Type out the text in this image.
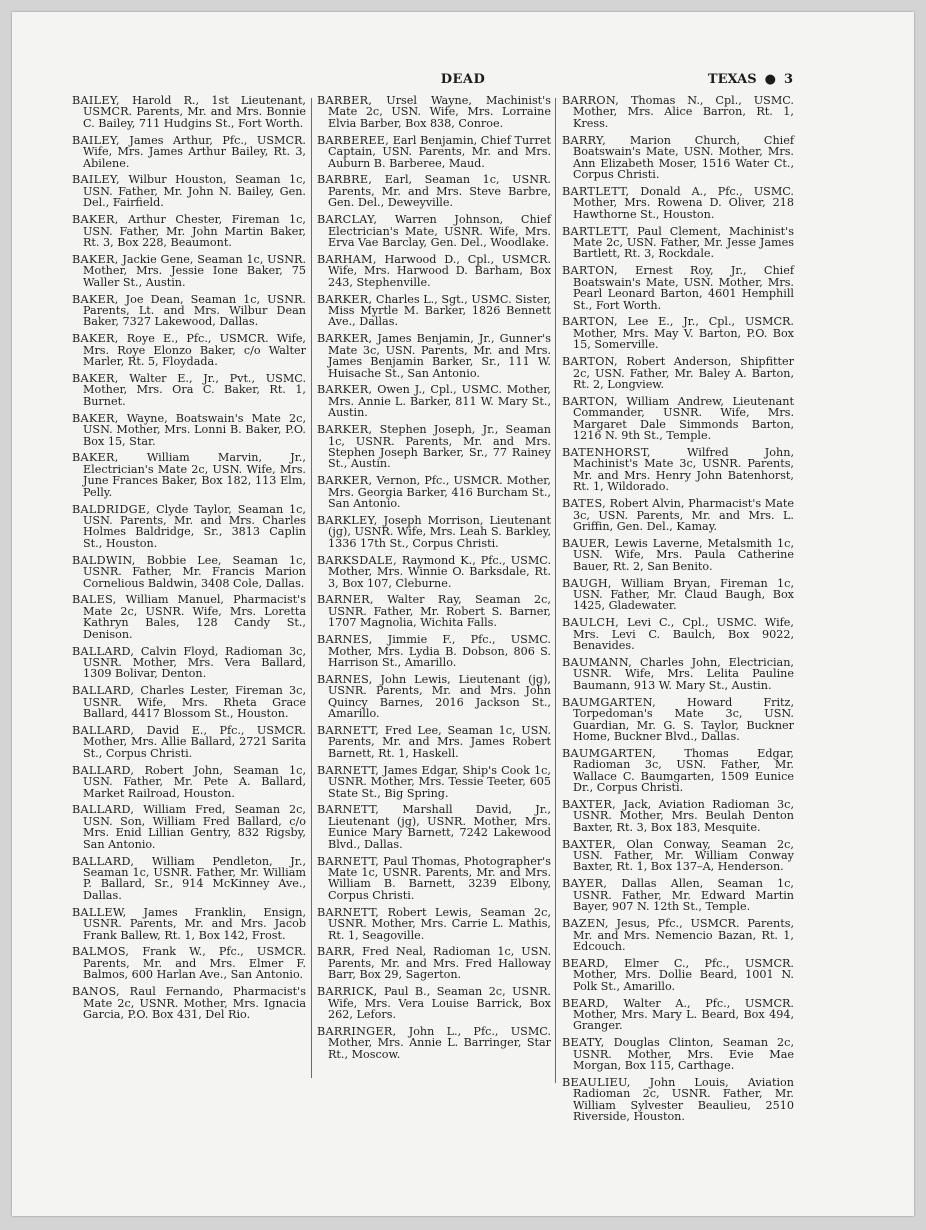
DEAD	TEXAS ● 3

BAILEY, Harold R., 1st Lieutenant, USMCR. Parents, Mr. and Mrs. Bonnie C. Bailey, 711 Hudgins St., Fort Worth.

BAILEY, James Arthur, Pfc., USMCR. Wife, Mrs. James Arthur Bailey, Rt. 3, Abilene.

BAILEY, Wilbur Houston, Seaman 1c, USN. Father, Mr. John N. Bailey, Gen. Del., Fairfield.

BAKER, Arthur Chester, Fireman 1c, USN. Father, Mr. John Martin Baker, Rt. 3, Box 228, Beaumont.

BAKER, Jackie Gene, Seaman 1c, USNR. Mother, Mrs. Jessie Ione Baker, 75 Waller St., Austin.

BAKER, Joe Dean, Seaman 1c, USNR. Parents, Lt. and Mrs. Wilbur Dean Baker, 7327 Lakewood, Dallas.

BAKER, Roye E., Pfc., USMCR. Wife, Mrs. Roye Elonzo Baker, c/o Walter Marler, Rt. 5, Floydada.

BAKER, Walter E., Jr., Pvt., USMC. Mother, Mrs. Ora C. Baker, Rt. 1, Burnet.

BAKER, Wayne, Boatswain's Mate 2c, USN. Mother, Mrs. Lonni B. Baker, P.O. Box 15, Star.

BAKER, William Marvin, Jr., Electrician's Mate 2c, USN. Wife, Mrs. June Frances Baker, Box 182, 113 Elm, Pelly.

BALDRIDGE, Clyde Taylor, Seaman 1c, USN. Parents, Mr. and Mrs. Charles Holmes Baldridge, Sr., 3813 Caplin St., Houston.

BALDWIN, Bobbie Lee, Seaman 1c, USNR. Father, Mr. Francis Marion Cornelious Baldwin, 3408 Cole, Dallas.

BALES, William Manuel, Pharmacist's Mate 2c, USNR. Wife, Mrs. Loretta Kathryn Bales, 128 Candy St., Denison.

BALLARD, Calvin Floyd, Radioman 3c, USNR. Mother, Mrs. Vera Ballard, 1309 Bolivar, Denton.

BALLARD, Charles Lester, Fireman 3c, USNR. Wife, Mrs. Rheta Grace Ballard, 4417 Blossom St., Houston.

BALLARD, David E., Pfc., USMCR. Mother, Mrs. Allie Ballard, 2721 Sarita St., Corpus Christi.

BALLARD, Robert John, Seaman 1c, USN. Father, Mr. Pete A. Ballard, Market Railroad, Houston.

BALLARD, William Fred, Seaman 2c, USN. Son, William Fred Ballard, c/o Mrs. Enid Lillian Gentry, 832 Rigsby, San Antonio.

BALLARD, William Pendleton, Jr., Seaman 1c, USNR. Father, Mr. William P. Ballard, Sr., 914 McKinney Ave., Dallas.

BALLEW, James Franklin, Ensign, USNR. Parents, Mr. and Mrs. Jacob Frank Ballew, Rt. 1, Box 142, Frost.

BALMOS, Frank W., Pfc., USMCR. Parents, Mr. and Mrs. Elmer F. Balmos, 600 Harlan Ave., San Antonio.

BANOS, Raul Fernando, Pharmacist's Mate 2c, USNR. Mother, Mrs. Ignacia Garcia, P.O. Box 431, Del Rio.

BARBER, Ursel Wayne, Machinist's Mate 2c, USN. Wife, Mrs. Lorraine Elvia Barber, Box 838, Conroe.

BARBEREE, Earl Benjamin, Chief Turret Captain, USN. Parents, Mr. and Mrs. Auburn B. Barberee, Maud.

BARBRE, Earl, Seaman 1c, USNR. Parents, Mr. and Mrs. Steve Barbre, Gen. Del., Deweyville.

BARCLAY, Warren Johnson, Chief Electrician's Mate, USNR. Wife, Mrs. Erva Vae Barclay, Gen. Del., Woodlake.

BARHAM, Harwood D., Cpl., USMCR. Wife, Mrs. Harwood D. Barham, Box 243, Stephenville.

BARKER, Charles L., Sgt., USMC. Sister, Miss Myrtle M. Barker, 1826 Bennett Ave., Dallas.

BARKER, James Benjamin, Jr., Gunner's Mate 3c, USN. Parents, Mr. and Mrs. James Benjamin Barker, Sr., 111 W. Huisache St., San Antonio.

BARKER, Owen J., Cpl., USMC. Mother, Mrs. Annie L. Barker, 811 W. Mary St., Austin.

BARKER, Stephen Joseph, Jr., Seaman 1c, USNR. Parents, Mr. and Mrs. Stephen Joseph Barker, Sr., 77 Rainey St., Austin.

BARKER, Vernon, Pfc., USMCR. Mother, Mrs. Georgia Barker, 416 Burcham St., San Antonio.

BARKLEY, Joseph Morrison, Lieutenant (jg), USNR. Wife, Mrs. Leah S. Barkley, 1336 17th St., Corpus Christi.

BARKSDALE, Raymond K., Pfc., USMC. Mother, Mrs. Winnie O. Barksdale, Rt. 3, Box 107, Cleburne.

BARNER, Walter Ray, Seaman 2c, USNR. Father, Mr. Robert S. Barner, 1707 Magnolia, Wichita Falls.

BARNES, Jimmie F., Pfc., USMC. Mother, Mrs. Lydia B. Dobson, 806 S. Harrison St., Amarillo.

BARNES, John Lewis, Lieutenant (jg), USNR. Parents, Mr. and Mrs. John Quincy Barnes, 2016 Jackson St., Amarillo.

BARNETT, Fred Lee, Seaman 1c, USN. Parents, Mr. and Mrs. James Robert Barnett, Rt. 1, Haskell.

BARNETT, James Edgar, Ship's Cook 1c, USNR. Mother, Mrs. Tessie Teeter, 605 State St., Big Spring.

BARNETT, Marshall David, Jr., Lieutenant (jg), USNR. Mother, Mrs. Eunice Mary Barnett, 7242 Lakewood Blvd., Dallas.

BARNETT, Paul Thomas, Photographer's Mate 1c, USNR. Parents, Mr. and Mrs. William B. Barnett, 3239 Elbony, Corpus Christi.

BARNETT, Robert Lewis, Seaman 2c, USNR. Mother, Mrs. Carrie L. Mathis, Rt. 1, Seagoville.

BARR, Fred Neal, Radioman 1c, USN. Parents, Mr. and Mrs. Fred Halloway Barr, Box 29, Sagerton.

BARRICK, Paul B., Seaman 2c, USNR. Wife, Mrs. Vera Louise Barrick, Box 262, Lefors.

BARRINGER, John L., Pfc., USMC. Mother, Mrs. Annie L. Barringer, Star Rt., Moscow.

BARRON, Thomas N., Cpl., USMC. Mother, Mrs. Alice Barron, Rt. 1, Kress.

BARRY, Marion Church, Chief Boatswain's Mate, USN. Mother, Mrs. Ann Elizabeth Moser, 1516 Water Ct., Corpus Christi.

BARTLETT, Donald A., Pfc., USMC. Mother, Mrs. Rowena D. Oliver, 218 Hawthorne St., Houston.

BARTLETT, Paul Clement, Machinist's Mate 2c, USN. Father, Mr. Jesse James Bartlett, Rt. 3, Rockdale.

BARTON, Ernest Roy, Jr., Chief Boatswain's Mate, USN. Mother, Mrs. Pearl Leonard Barton, 4601 Hemphill St., Fort Worth.

BARTON, Lee E., Jr., Cpl., USMCR. Mother, Mrs. May V. Barton, P.O. Box 15, Somerville.

BARTON, Robert Anderson, Shipfitter 2c, USN. Father, Mr. Baley A. Barton, Rt. 2, Longview.

BARTON, William Andrew, Lieutenant Commander, USNR. Wife, Mrs. Margaret Dale Simmonds Barton, 1216 N. 9th St., Temple.

BATENHORST, Wilfred John, Machinist's Mate 3c, USNR. Parents, Mr. and Mrs. Henry John Batenhorst, Rt. 1, Wildorado.

BATES, Robert Alvin, Pharmacist's Mate 3c, USN. Parents, Mr. and Mrs. L. Griffin, Gen. Del., Kamay.

BAUER, Lewis Laverne, Metalsmith 1c, USN. Wife, Mrs. Paula Catherine Bauer, Rt. 2, San Benito.

BAUGH, William Bryan, Fireman 1c, USN. Father, Mr. Claud Baugh, Box 1425, Gladewater.

BAULCH, Levi C., Cpl., USMC. Wife, Mrs. Levi C. Baulch, Box 9022, Benavides.

BAUMANN, Charles John, Electrician, USNR. Wife, Mrs. Lelita Pauline Baumann, 913 W. Mary St., Austin.

BAUMGARTEN, Howard Fritz, Torpedoman's Mate 3c, USN. Guardian, Mr. G. S. Taylor, Buckner Home, Buckner Blvd., Dallas.

BAUMGARTEN, Thomas Edgar, Radioman 3c, USN. Father, Mr. Wallace C. Baumgarten, 1509 Eunice Dr., Corpus Christi.

BAXTER, Jack, Aviation Radioman 3c, USNR. Mother, Mrs. Beulah Denton Baxter, Rt. 3, Box 183, Mesquite.

BAXTER, Olan Conway, Seaman 2c, USN. Father, Mr. William Conway Baxter, Rt. 1, Box 137–A, Henderson.

BAYER, Dallas Allen, Seaman 1c, USNR. Father, Mr. Edward Martin Bayer, 907 N. 12th St., Temple.

BAZEN, Jesus, Pfc., USMCR. Parents, Mr. and Mrs. Nemencio Bazan, Rt. 1, Edcouch.

BEARD, Elmer C., Pfc., USMCR. Mother, Mrs. Dollie Beard, 1001 N. Polk St., Amarillo.

BEARD, Walter A., Pfc., USMCR. Mother, Mrs. Mary L. Beard, Box 494, Granger.

BEATY, Douglas Clinton, Seaman 2c, USNR. Mother, Mrs. Evie Mae Morgan, Box 115, Carthage.

BEAULIEU, John Louis, Aviation Radioman 2c, USNR. Father, Mr. William Sylvester Beaulieu, 2510 Riverside, Houston.
